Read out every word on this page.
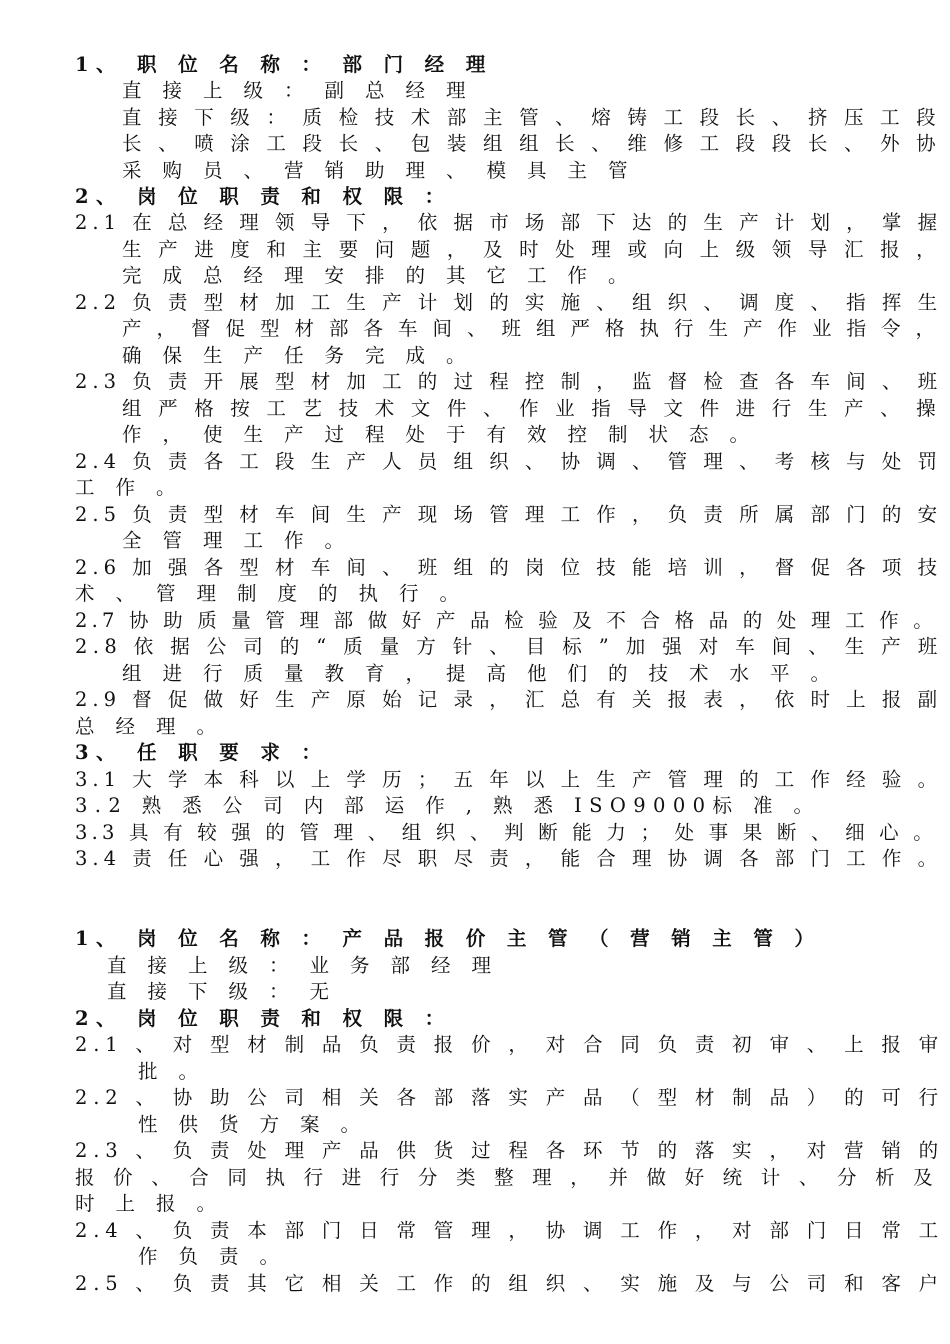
1、 职 位 名 称 ： 部 门 经 理
直 接 上 级 ： 副 总 经 理
直 接 下 级 ： 质 检 技 术 部 主 管 、 熔 铸 工 段 长 、 挤 压 工 段
长 、 喷 涂 工 段 长 、 包 装 组 组 长 、 维 修 工 段 段 长 、 外 协
采 购 员 、 营 销 助 理 、 模 具 主 管
2、 岗 位 职 责 和 权 限 ：
2.1 在 总 经 理 领 导 下 ， 依 据 市 场 部 下 达 的 生 产 计 划 ， 掌 握
生 产 进 度 和 主 要 问 题 ， 及 时 处 理 或 向 上 级 领 导 汇 报 ，
完 成 总 经 理 安 排 的 其 它 工 作 。
2.2 负 责 型 材 加 工 生 产 计 划 的 实 施 、 组 织 、 调 度 、 指 挥 生
产 ， 督 促 型 材 部 各 车 间 、 班 组 严 格 执 行 生 产 作 业 指 令 ，
确 保 生 产 任 务 完 成 。
2.3 负 责 开 展 型 材 加 工 的 过 程 控 制 ， 监 督 检 查 各 车 间 、 班
组 严 格 按 工 艺 技 术 文 件 、 作 业 指 导 文 件 进 行 生 产 、 操
作 ， 使 生 产 过 程 处 于 有 效 控 制 状 态 。
2.4 负 责 各 工 段 生 产 人 员 组 织 、 协 调 、 管 理 、 考 核 与 处 罚
工 作 。
2.5 负 责 型 材 车 间 生 产 现 场 管 理 工 作 ， 负 责 所 属 部 门 的 安
全 管 理 工 作 。
2.6 加 强 各 型 材 车 间 、 班 组 的 岗 位 技 能 培 训 ， 督 促 各 项 技
术 、 管 理 制 度 的 执 行 。
2.7 协 助 质 量 管 理 部 做 好 产 品 检 验 及 不 合 格 品 的 处 理 工 作 。
2.8 依 据 公 司 的 “ 质 量 方 针 、 目 标 ” 加 强 对 车 间 、 生 产 班
组 进 行 质 量 教 育 ， 提 高 他 们 的 技 术 水 平 。
2.9 督 促 做 好 生 产 原 始 记 录 ， 汇 总 有 关 报 表 ， 依 时 上 报 副
总 经 理 。
3、 任 职 要 求 ：
3.1 大 学 本 科 以 上 学 历 ； 五 年 以 上 生 产 管 理 的 工 作 经 验 。
3.2 熟 悉 公 司 内 部 运 作 , 熟 悉 ISO9000标 准 。
3.3 具 有 较 强 的 管 理 、 组 织 、 判 断 能 力 ； 处 事 果 断 、 细 心 。
3.4 责 任 心 强 ， 工 作 尽 职 尽 责 ， 能 合 理 协 调 各 部 门 工 作 。
1、 岗 位 名 称 ： 产 品 报 价 主 管 （ 营 销 主 管 ）
直 接 上 级 ： 业 务 部 经 理
直 接 下 级 ： 无
2、 岗 位 职 责 和 权 限 ：
2.1 、 对 型 材 制 品 负 责 报 价 ， 对 合 同 负 责 初 审 、 上 报 审
批 。
2.2 、 协 助 公 司 相 关 各 部 落 实 产 品 （ 型 材 制 品 ） 的 可 行
性 供 货 方 案 。
2.3 、 负 责 处 理 产 品 供 货 过 程 各 环 节 的 落 实 ， 对 营 销 的
报 价 、 合 同 执 行 进 行 分 类 整 理 ， 并 做 好 统 计 、 分 析 及
时 上 报 。
2.4 、 负 责 本 部 门 日 常 管 理 ， 协 调 工 作 ， 对 部 门 日 常 工
作 负 责 。
2.5 、 负 责 其 它 相 关 工 作 的 组 织 、 实 施 及 与 公 司 和 客 户
